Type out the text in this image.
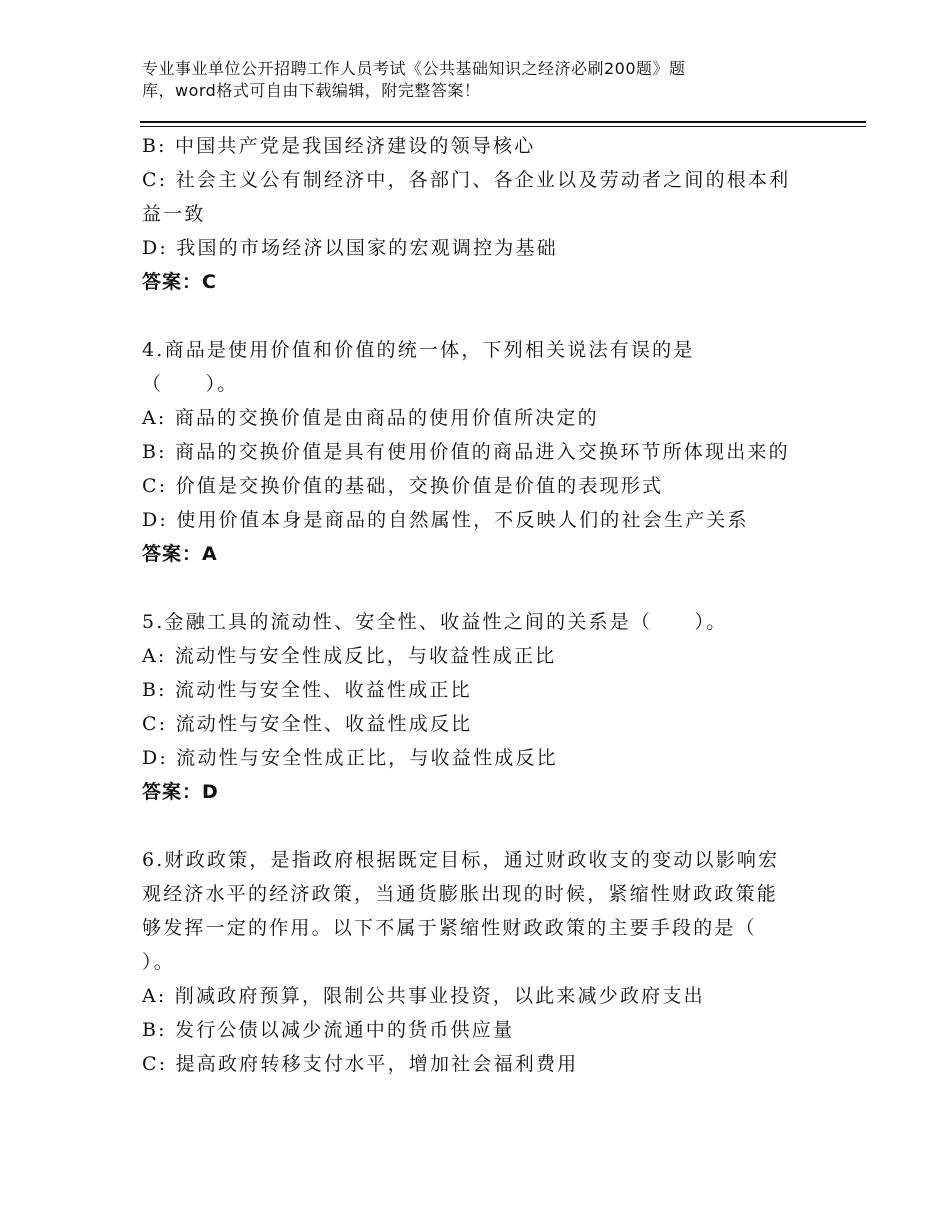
专业事业单位公开招聘工作人员考试《公共基础知识之经济必刷200题》题
库，word格式可自由下载编辑，附完整答案！
B: 中国共产党是我国经济建设的领导核心
C: 社会主义公有制经济中，各部门、各企业以及劳动者之间的根本利
益一致
D: 我国的市场经济以国家的宏观调控为基础
答案：C
4.商品是使用价值和价值的统一体，下列相关说法有误的是
（　　）。
A: 商品的交换价值是由商品的使用价值所决定的
B: 商品的交换价值是具有使用价值的商品进入交换环节所体现出来的
C: 价值是交换价值的基础，交换价值是价值的表现形式
D: 使用价值本身是商品的自然属性，不反映人们的社会生产关系
答案：A
5.金融工具的流动性、安全性、收益性之间的关系是（　　）。
A: 流动性与安全性成反比，与收益性成正比
B: 流动性与安全性、收益性成正比
C: 流动性与安全性、收益性成反比
D: 流动性与安全性成正比，与收益性成反比
答案：D
6.财政政策，是指政府根据既定目标，通过财政收支的变动以影响宏
观经济水平的经济政策，当通货膨胀出现的时候，紧缩性财政政策能
够发挥一定的作用。以下不属于紧缩性财政政策的主要手段的是（
）。
A: 削减政府预算，限制公共事业投资，以此来减少政府支出
B: 发行公债以减少流通中的货币供应量
C: 提高政府转移支付水平，增加社会福利费用
